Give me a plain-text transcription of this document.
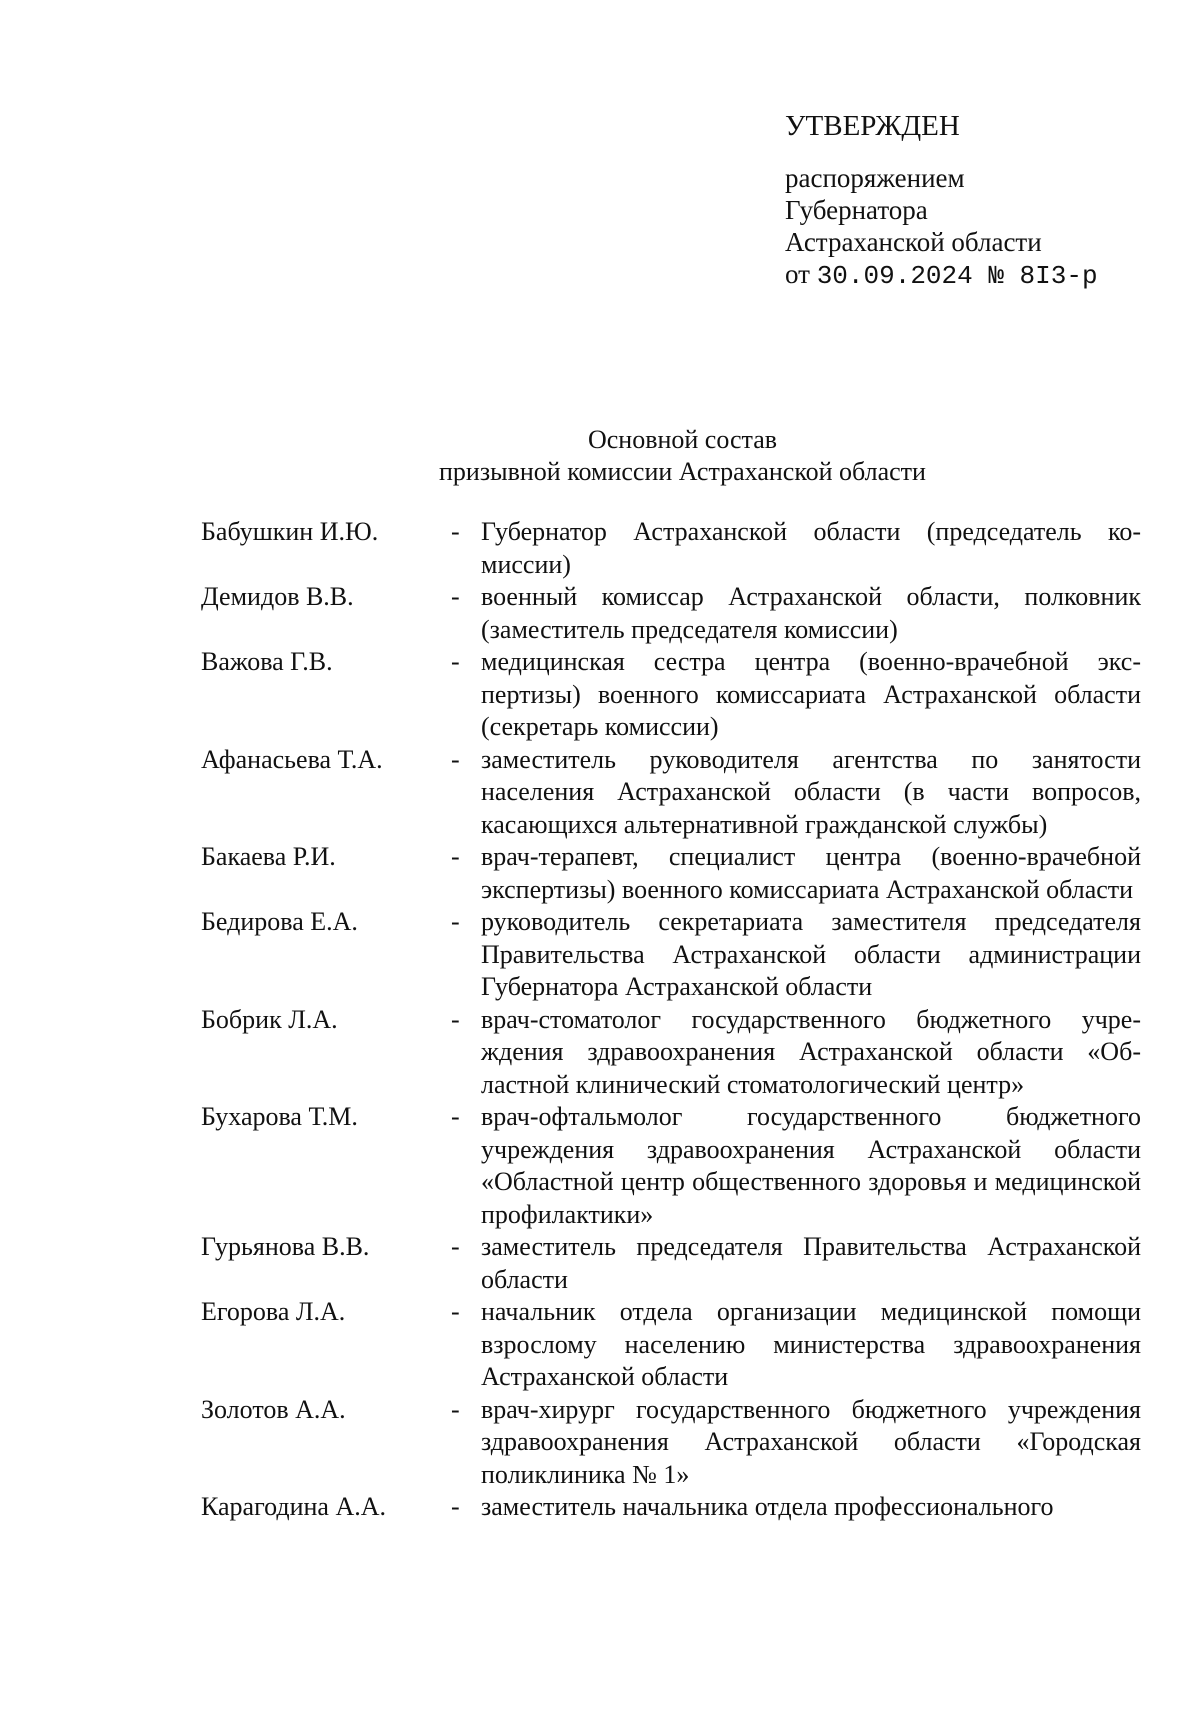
УТВЕРЖДЕН
распоряжением
Губернатора
Астраханской области
от 30.09.2024 № 8I3-р
Основной состав
призывной комиссии Астраханской области
Бабушкин И.Ю.	- Губернатор Астраханской области (председатель комиссии)
Демидов В.В.	- военный комиссар Астраханской области, полковник (заместитель председателя комиссии)
Важова Г.В.	- медицинская сестра центра (военно-врачебной экспертизы) военного комиссариата Астраханской области (секретарь комиссии)
Афанасьева Т.А.	- заместитель руководителя агентства по занятости населения Астраханской области (в части вопросов, касающихся альтернативной гражданской службы)
Бакаева Р.И.	- врач-терапевт, специалист центра (военно-врачебной экспертизы) военного комиссариата Астраханской области
Бедирова Е.А.	- руководитель секретариата заместителя председателя Правительства Астраханской области администрации Губернатора Астраханской области
Бобрик Л.А.	- врач-стоматолог государственного бюджетного учреждения здравоохранения Астраханской области «Областной клинический стоматологический центр»
Бухарова Т.М.	- врач-офтальмолог государственного бюджетного учреждения здравоохранения Астраханской области «Областной центр общественного здоровья и медицинской профилактики»
Гурьянова В.В.	- заместитель председателя Правительства Астраханской области
Егорова Л.А.	- начальник отдела организации медицинской помощи взрослому населению министерства здравоохранения Астраханской области
Золотов А.А.	- врач-хирург государственного бюджетного учреждения здравоохранения Астраханской области «Городская поликлиника № 1»
Карагодина А.А.	- заместитель начальника отдела профессионального
